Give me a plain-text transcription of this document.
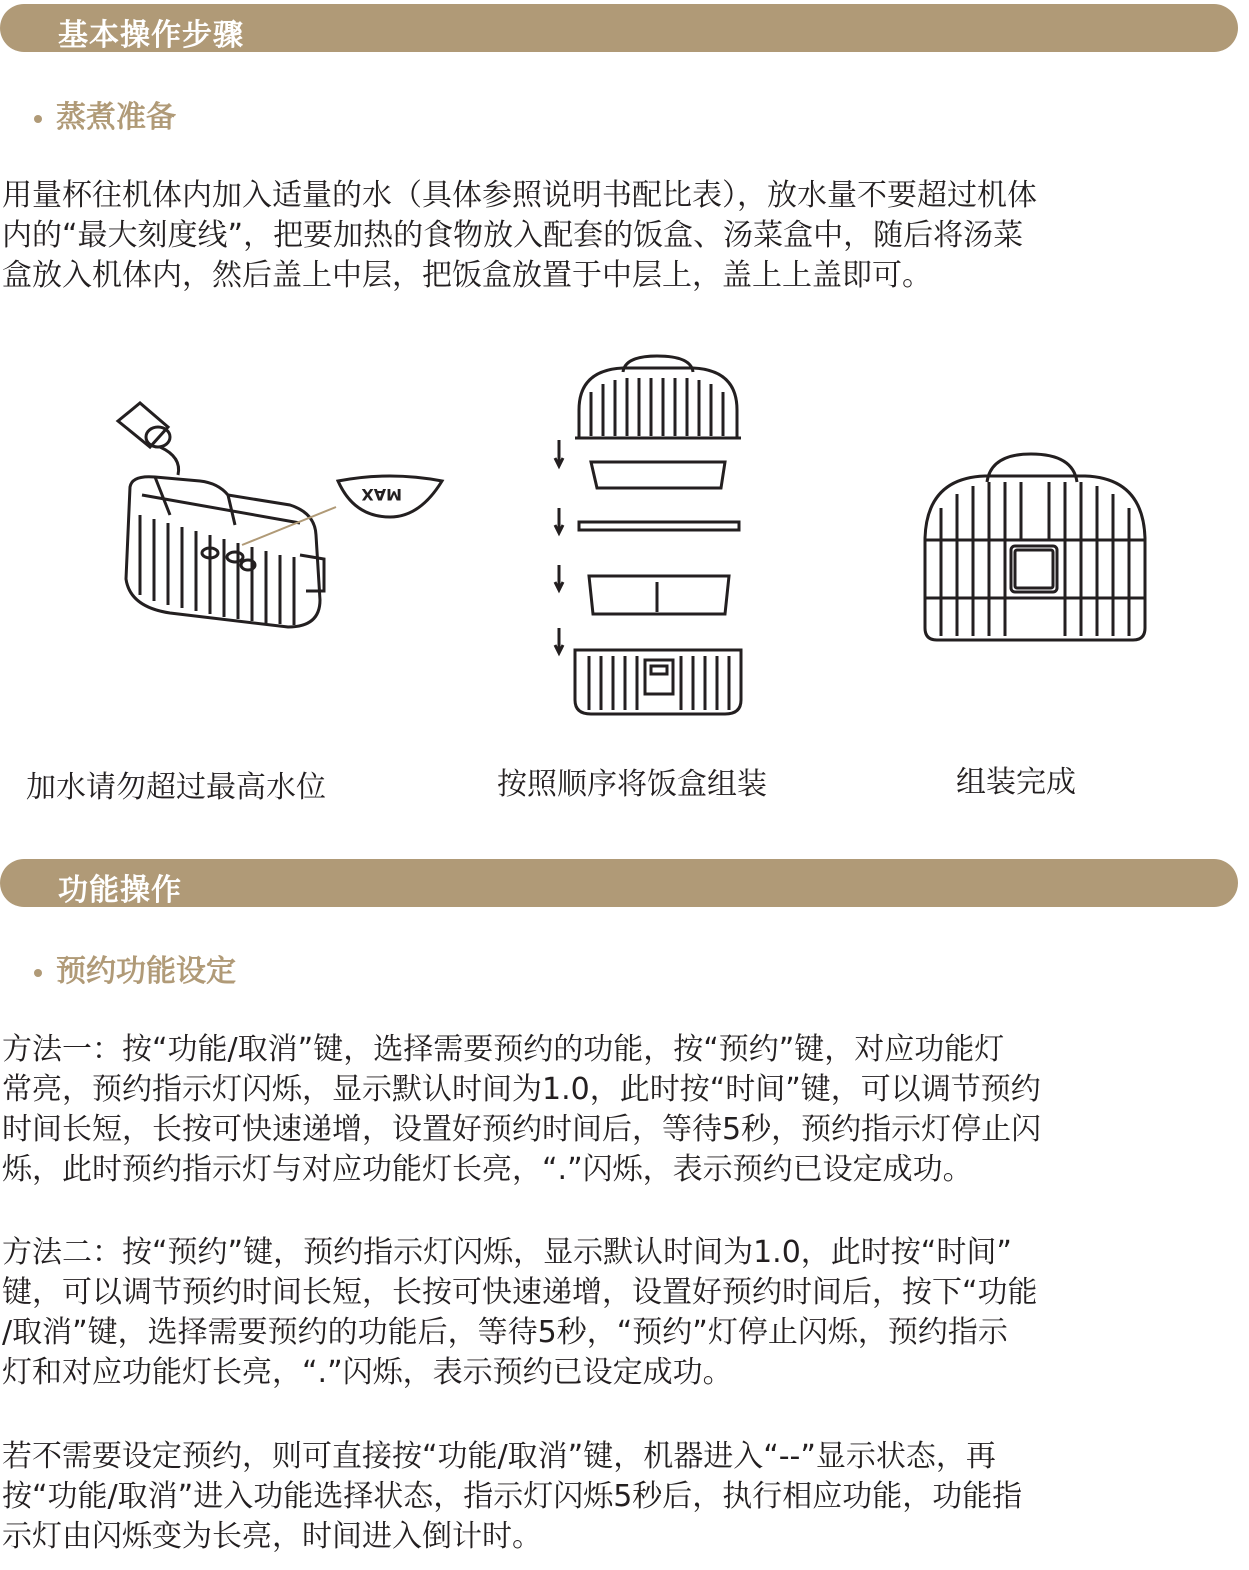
基本操作步骤
蒸煮准备

用量杯往机体内加入适量的水（具体参照说明书配比表），放水量不要超过机体
内的“最大刻度线”，把要加热的食物放入配套的饭盒、汤菜盒中，随后将汤菜
盒放入机体内，然后盖上中层，把饭盒放置于中层上，盖上上盖即可。

MAX
加水请勿超过最高水位	按照顺序将饭盒组装	组装完成
功能操作
预约功能设定

方法一：按“功能/取消”键，选择需要预约的功能，按“预约”键，对应功能灯
常亮，预约指示灯闪烁，显示默认时间为1.0，此时按“时间”键，可以调节预约
时间长短，长按可快速递增，设置好预约时间后，等待5秒，预约指示灯停止闪
烁，此时预约指示灯与对应功能灯长亮，“.”闪烁，表示预约已设定成功。

方法二：按“预约”键，预约指示灯闪烁，显示默认时间为1.0，此时按“时间”
键，可以调节预约时间长短，长按可快速递增，设置好预约时间后，按下“功能
/取消”键，选择需要预约的功能后，等待5秒，“预约”灯停止闪烁，预约指示
灯和对应功能灯长亮，“.”闪烁，表示预约已设定成功。

若不需要设定预约，则可直接按“功能/取消”键，机器进入“--”显示状态，再
按“功能/取消”进入功能选择状态，指示灯闪烁5秒后，执行相应功能，功能指
示灯由闪烁变为长亮，时间进入倒计时。
